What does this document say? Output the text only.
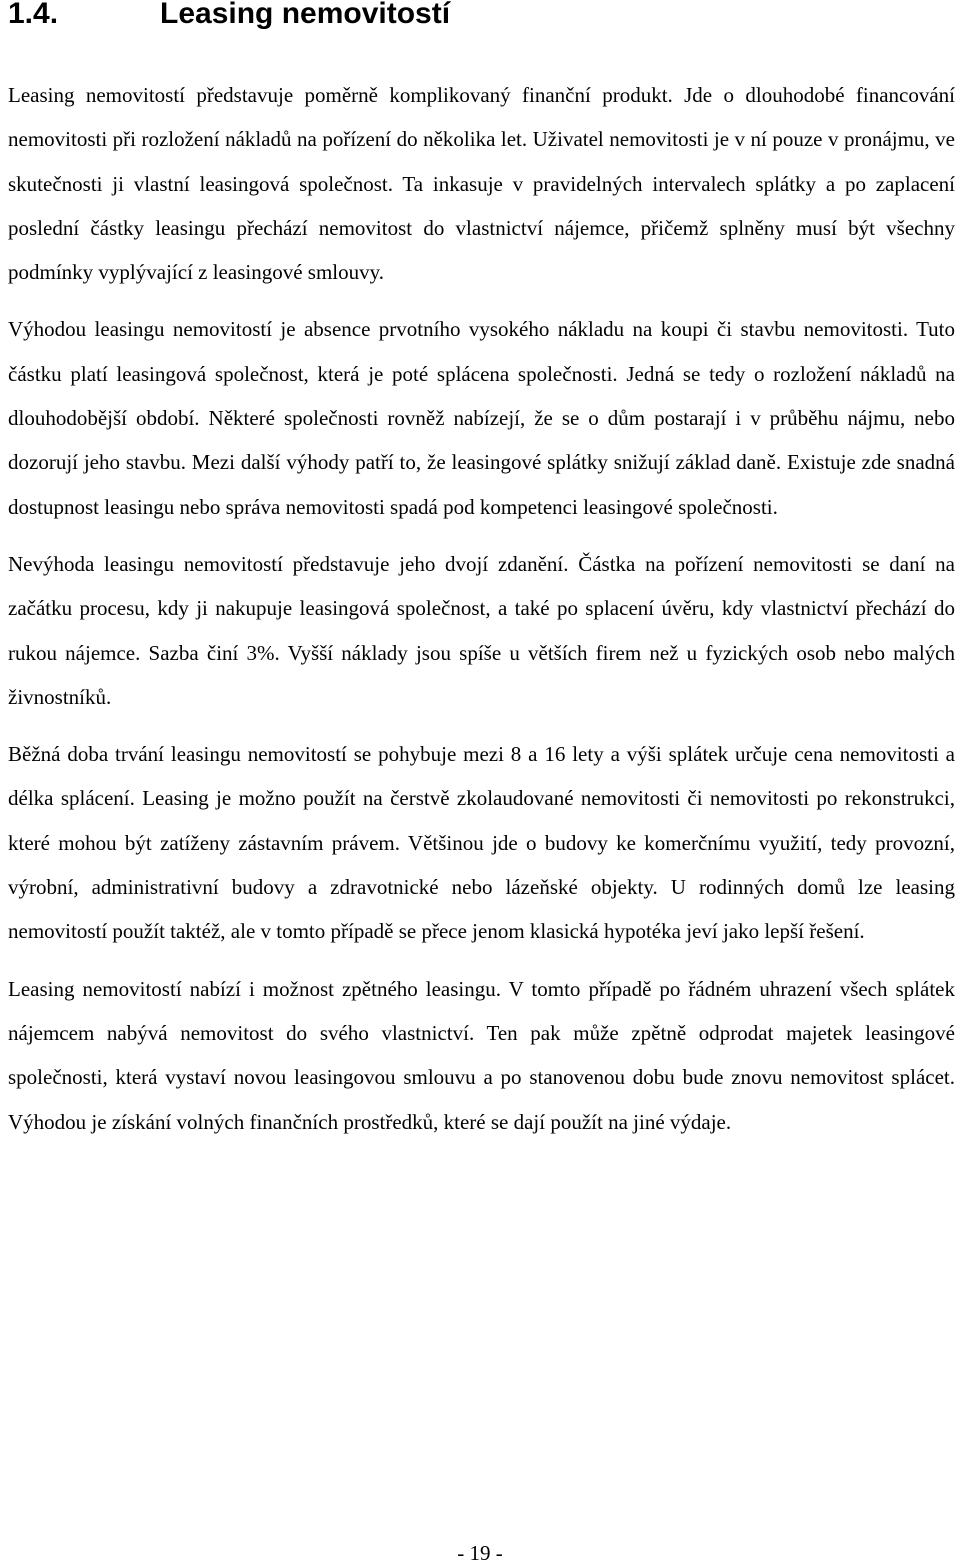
1.4.	Leasing nemovitostí

Leasing nemovitostí představuje poměrně komplikovaný finanční produkt. Jde o dlouhodobé financování nemovitosti při rozložení nákladů na pořízení do několika let. Uživatel nemovitosti je v ní pouze v pronájmu, ve skutečnosti ji vlastní leasingová společnost. Ta inkasuje v pravidelných intervalech splátky a po zaplacení poslední částky leasingu přechází nemovitost do vlastnictví nájemce, přičemž splněny musí být všechny podmínky vyplývající z leasingové smlouvy.

Výhodou leasingu nemovitostí je absence prvotního vysokého nákladu na koupi či stavbu nemovitosti. Tuto částku platí leasingová společnost, která je poté splácena společnosti. Jedná se tedy o rozložení nákladů na dlouhodobější období. Některé společnosti rovněž nabízejí, že se o dům postarají i v průběhu nájmu, nebo dozorují jeho stavbu. Mezi další výhody patří to, že leasingové splátky snižují základ daně. Existuje zde snadná dostupnost leasingu nebo správa nemovitosti spadá pod kompetenci leasingové společnosti.

Nevýhoda leasingu nemovitostí představuje jeho dvojí zdanění. Částka na pořízení nemovitosti se daní na začátku procesu, kdy ji nakupuje leasingová společnost, a také po splacení úvěru, kdy vlastnictví přechází do rukou nájemce. Sazba činí 3%. Vyšší náklady jsou spíše u větších firem než u fyzických osob nebo malých živnostníků.

Běžná doba trvání leasingu nemovitostí se pohybuje mezi 8 a 16 lety a výši splátek určuje cena nemovitosti a délka splácení. Leasing je možno použít na čerstvě zkolaudované nemovitosti či nemovitosti po rekonstrukci, které mohou být zatíženy zástavním právem. Většinou jde o budovy ke komerčnímu využití, tedy provozní, výrobní, administrativní budovy a zdravotnické nebo lázeňské objekty. U rodinných domů lze leasing nemovitostí použít taktéž, ale v tomto případě se přece jenom klasická hypotéka jeví jako lepší řešení.

Leasing nemovitostí nabízí i možnost zpětného leasingu. V tomto případě po řádném uhrazení všech splátek nájemcem nabývá nemovitost do svého vlastnictví. Ten pak může zpětně odprodat majetek leasingové společnosti, která vystaví novou leasingovou smlouvu a po stanovenou dobu bude znovu nemovitost splácet. Výhodou je získání volných finančních prostředků, které se dají použít na jiné výdaje.

- 19 -
